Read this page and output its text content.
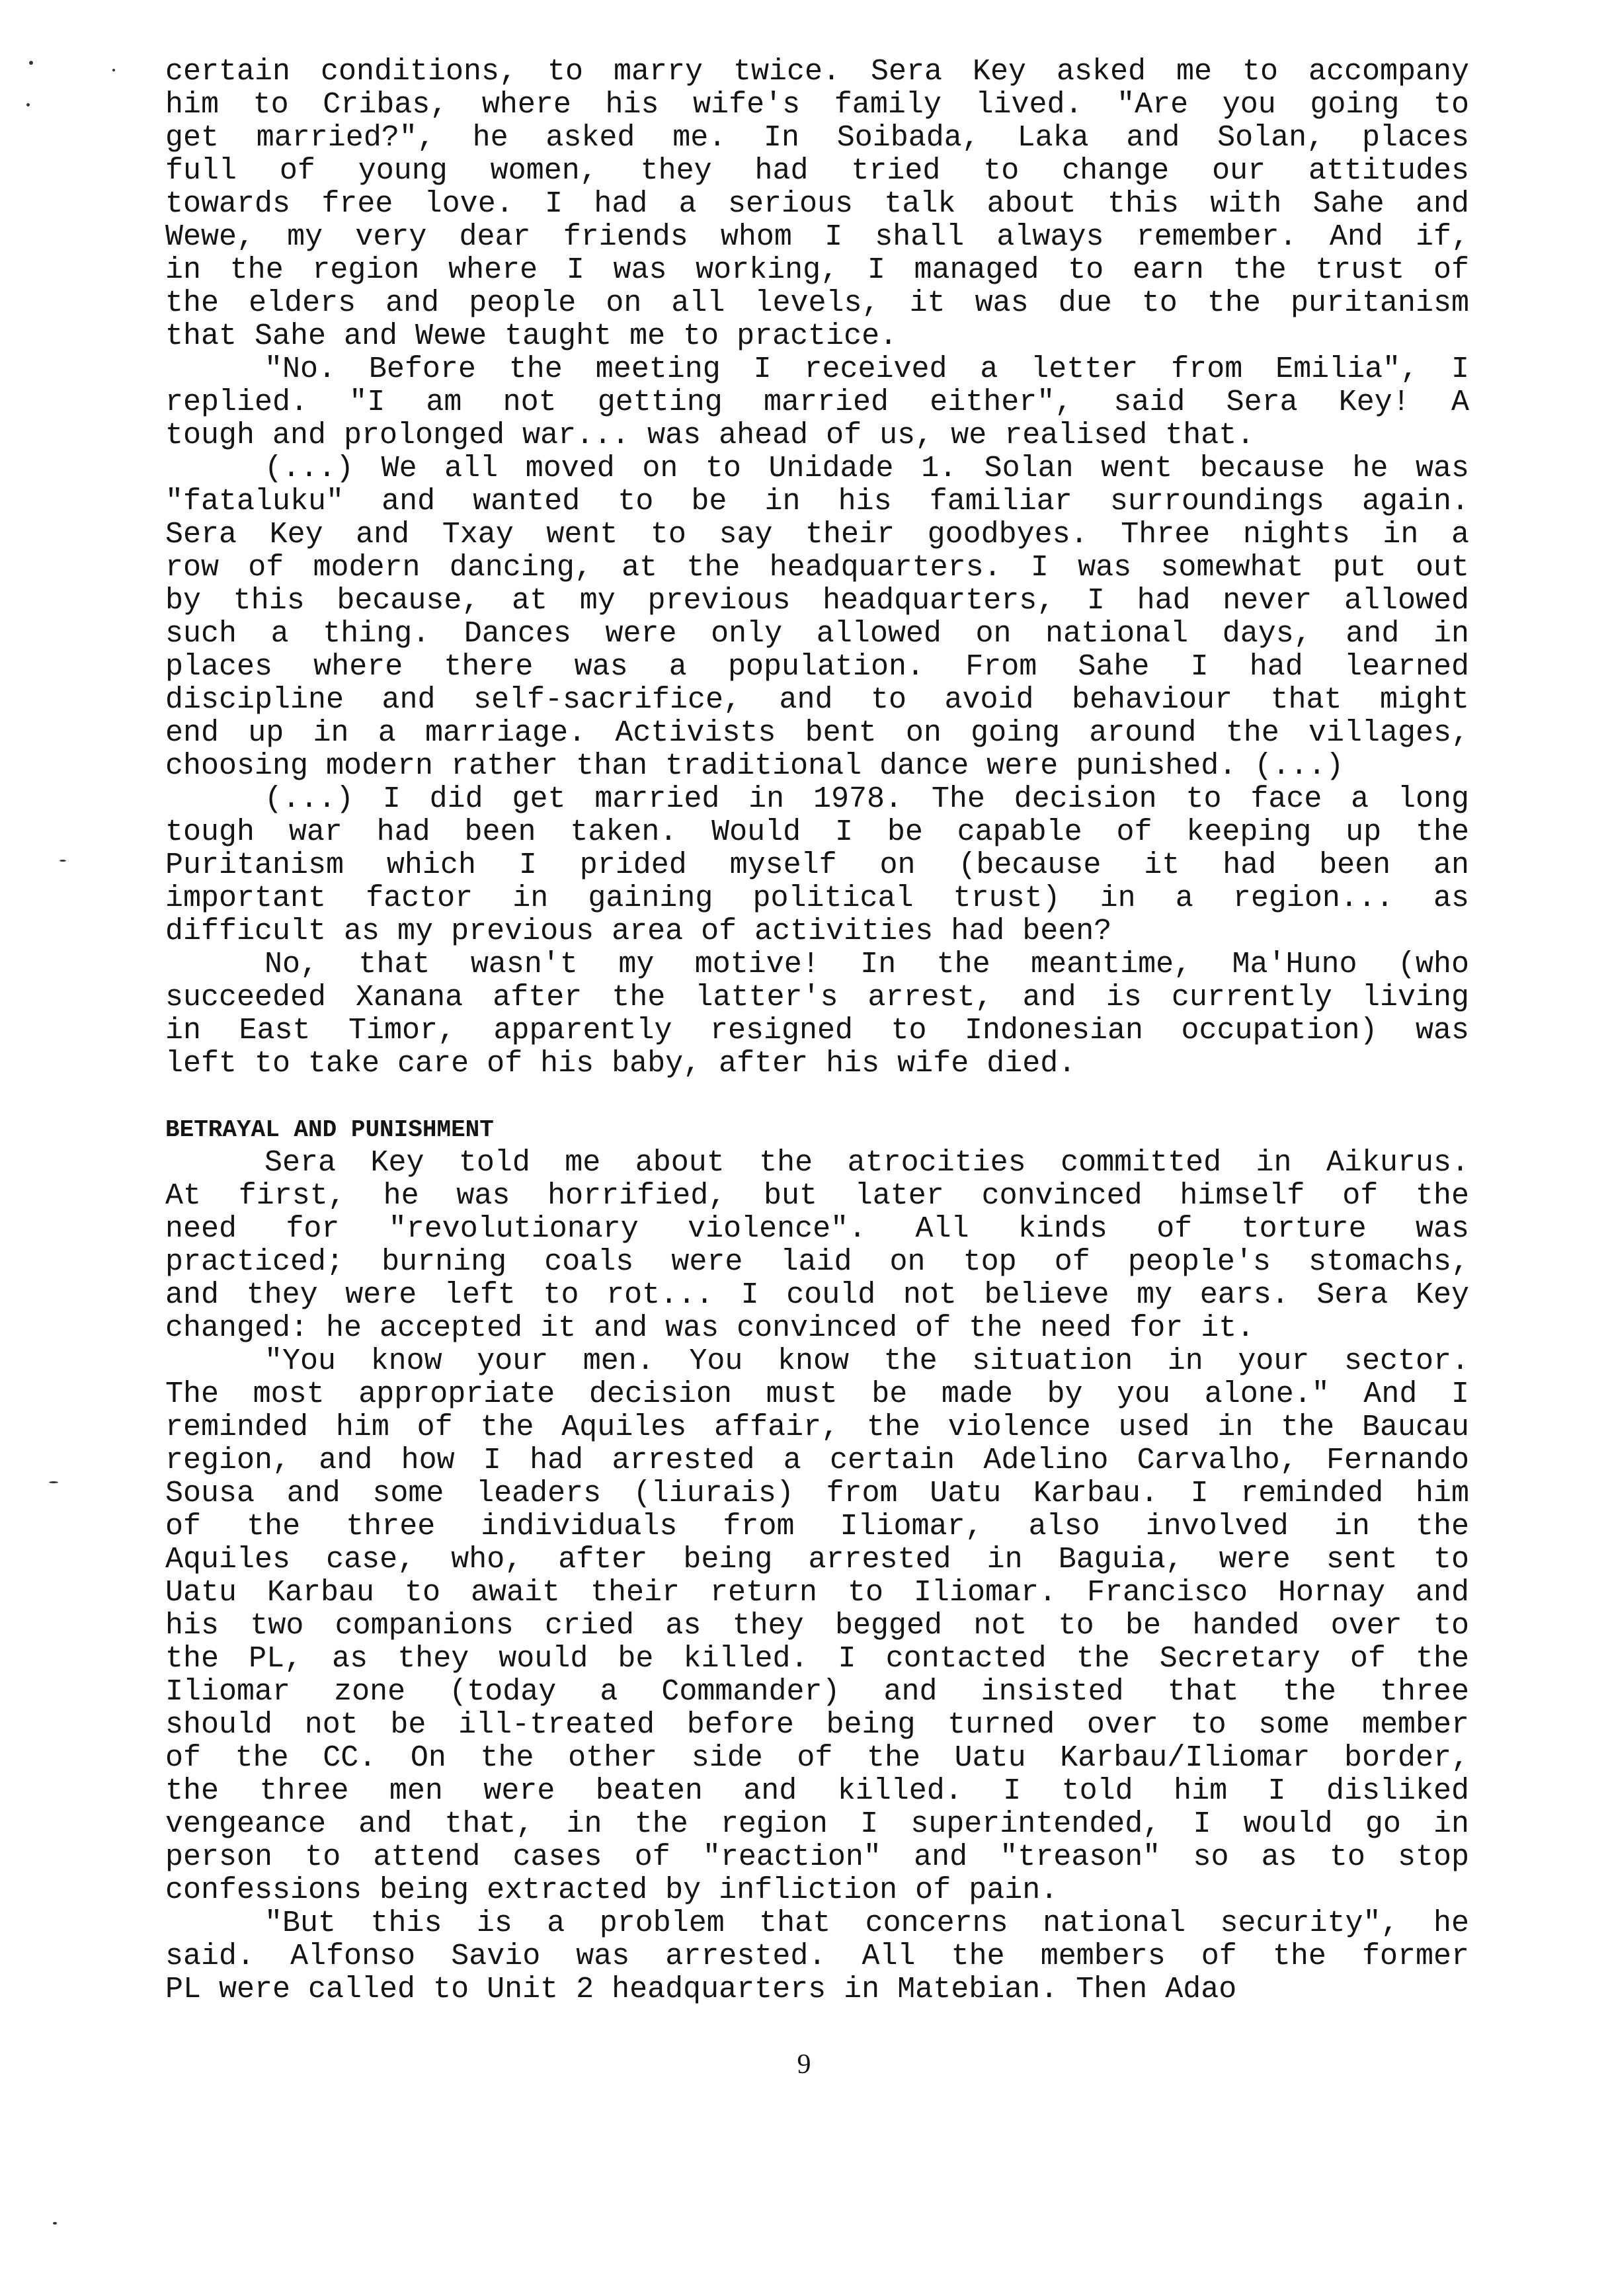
certain conditions, to marry twice. Sera Key asked me to accompany
him to Cribas, where his wife's family lived. "Are you going to
get married?", he asked me. In Soibada, Laka and Solan, places
full of young women, they had tried to change our attitudes
towards free love. I had a serious talk about this with Sahe and
Wewe, my very dear friends whom I shall always remember. And if,
in the region where I was working, I managed to earn the trust of
the elders and people on all levels, it was due to the puritanism
that Sahe and Wewe taught me to practice.
"No. Before the meeting I received a letter from Emilia", I
replied. "I am not getting married either", said Sera Key! A
tough and prolonged war... was ahead of us, we realised that.
(...) We all moved on to Unidade 1. Solan went because he was
"fataluku" and wanted to be in his familiar surroundings again.
Sera Key and Txay went to say their goodbyes. Three nights in a
row of modern dancing, at the headquarters. I was somewhat put out
by this because, at my previous headquarters, I had never allowed
such a thing. Dances were only allowed on national days, and in
places where there was a population. From Sahe I had learned
discipline and self-sacrifice, and to avoid behaviour that might
end up in a marriage. Activists bent on going around the villages,
choosing modern rather than traditional dance were punished. (...)
(...) I did get married in 1978. The decision to face a long
tough war had been taken. Would I be capable of keeping up the
Puritanism which I prided myself on (because it had been an
important factor in gaining political trust) in a region... as
difficult as my previous area of activities had been?
No, that wasn't my motive! In the meantime, Ma'Huno (who
succeeded Xanana after the latter's arrest, and is currently living
in East Timor, apparently resigned to Indonesian occupation) was
left to take care of his baby, after his wife died.
BETRAYAL AND PUNISHMENT
Sera Key told me about the atrocities committed in Aikurus.
At first, he was horrified, but later convinced himself of the
need for "revolutionary violence". All kinds of torture was
practiced; burning coals were laid on top of people's stomachs,
and they were left to rot... I could not believe my ears. Sera Key
changed: he accepted it and was convinced of the need for it.
"You know your men. You know the situation in your sector.
The most appropriate decision must be made by you alone." And I
reminded him of the Aquiles affair, the violence used in the Baucau
region, and how I had arrested a certain Adelino Carvalho, Fernando
Sousa and some leaders (liurais) from Uatu Karbau. I reminded him
of the three individuals from Iliomar, also involved in the
Aquiles case, who, after being arrested in Baguia, were sent to
Uatu Karbau to await their return to Iliomar. Francisco Hornay and
his two companions cried as they begged not to be handed over to
the PL, as they would be killed. I contacted the Secretary of the
Iliomar zone (today a Commander) and insisted that the three
should not be ill-treated before being turned over to some member
of the CC. On the other side of the Uatu Karbau/Iliomar border,
the three men were beaten and killed. I told him I disliked
vengeance and that, in the region I superintended, I would go in
person to attend cases of "reaction" and "treason" so as to stop
confessions being extracted by infliction of pain.
"But this is a problem that concerns national security", he
said. Alfonso Savio was arrested. All the members of the former
PL were called to Unit 2 headquarters in Matebian. Then Adao
9
